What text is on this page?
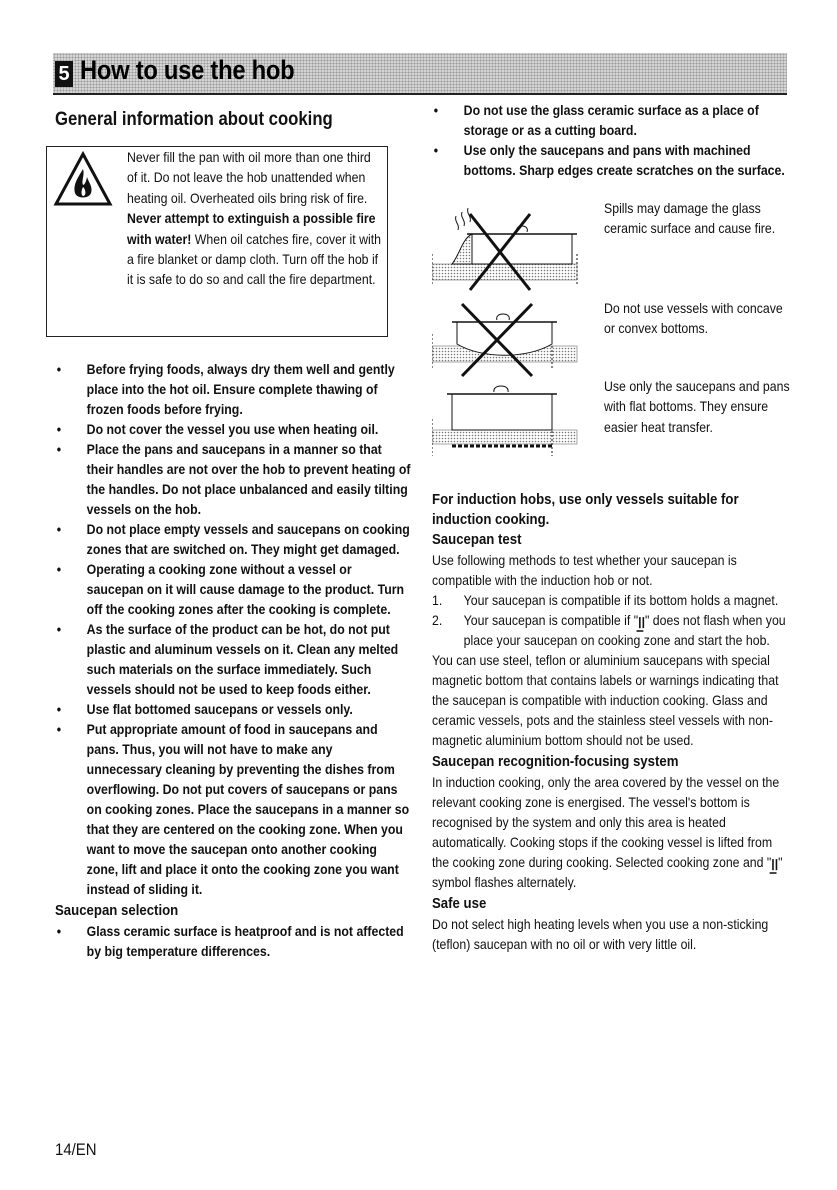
5 How to use the hob
General information about cooking
Never fill the pan with oil more than one third of it. Do not leave the hob unattended when heating oil. Overheated oils bring risk of fire. Never attempt to extinguish a possible fire with water! When oil catches fire, cover it with a fire blanket or damp cloth. Turn off the hob if it is safe to do so and call the fire department.
• Before frying foods, always dry them well and gently place into the hot oil. Ensure complete thawing of frozen foods before frying.
• Do not cover the vessel you use when heating oil.
• Place the pans and saucepans in a manner so that their handles are not over the hob to prevent heating of the handles. Do not place unbalanced and easily tilting vessels on the hob.
• Do not place empty vessels and saucepans on cooking zones that are switched on. They might get damaged.
• Operating a cooking zone without a vessel or saucepan on it will cause damage to the product. Turn off the cooking zones after the cooking is complete.
• As the surface of the product can be hot, do not put plastic and aluminum vessels on it. Clean any melted such materials on the surface immediately. Such vessels should not be used to keep foods either.
• Use flat bottomed saucepans or vessels only.
• Put appropriate amount of food in saucepans and pans. Thus, you will not have to make any unnecessary cleaning by preventing the dishes from overflowing. Do not put covers of saucepans or pans on cooking zones. Place the saucepans in a manner so that they are centered on the cooking zone. When you want to move the saucepan onto another cooking zone, lift and place it onto the cooking zone you want instead of sliding it.
Saucepan selection
• Glass ceramic surface is heatproof and is not affected by big temperature differences.
• Do not use the glass ceramic surface as a place of storage or as a cutting board.
• Use only the saucepans and pans with machined bottoms. Sharp edges create scratches on the surface.
Spills may damage the glass ceramic surface and cause fire.
Do not use vessels with concave or convex bottoms.
Use only the saucepans and pans with flat bottoms. They ensure easier heat transfer.
For induction hobs, use only vessels suitable for induction cooking.
Saucepan test
Use following methods to test whether your saucepan is compatible with the induction hob or not.
1. Your saucepan is compatible if its bottom holds a magnet.
2. Your saucepan is compatible if "ꞁ̲ꞁ" does not flash when you place your saucepan on cooking zone and start the hob.
You can use steel, teflon or aluminium saucepans with special magnetic bottom that contains labels or warnings indicating that the saucepan is compatible with induction cooking. Glass and ceramic vessels, pots and the stainless steel vessels with non-magnetic aluminium bottom should not be used.
Saucepan recognition-focusing system
In induction cooking, only the area covered by the vessel on the relevant cooking zone is energised. The vessel's bottom is recognised by the system and only this area is heated automatically. Cooking stops if the cooking vessel is lifted from the cooking zone during cooking. Selected cooking zone and "ꞁ̲ꞁ" symbol flashes alternately.
Safe use
Do not select high heating levels when you use a non-sticking (teflon) saucepan with no oil or with very little oil.
14/EN
